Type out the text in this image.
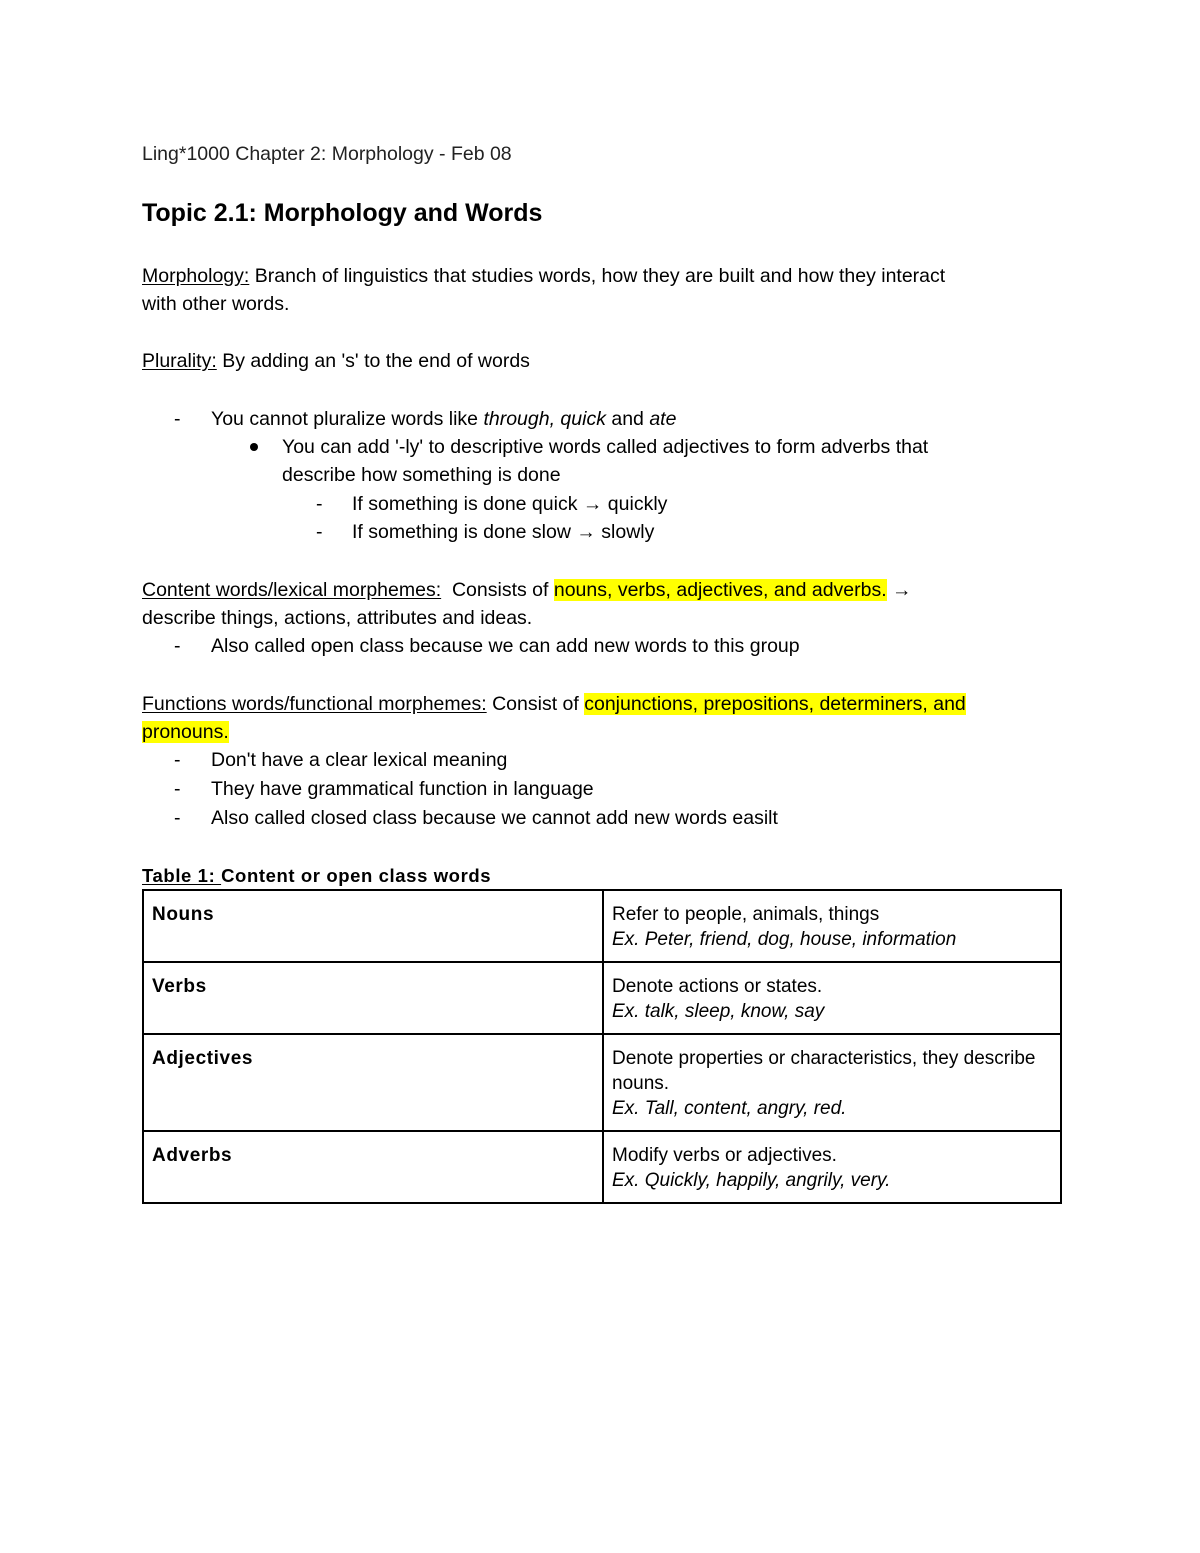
Ling*1000 Chapter 2: Morphology - Feb 08
Topic 2.1: Morphology and Words
Morphology: Branch of linguistics that studies words, how they are built and how they interact
with other words.
Plurality: By adding an 's' to the end of words
-	You cannot pluralize words like through, quick and ate
You can add '-ly' to descriptive words called adjectives to form adverbs that
describe how something is done
-	If something is done quick → quickly
-	If something is done slow → slowly
Content words/lexical morphemes:  Consists of nouns, verbs, adjectives, and adverbs. →
describe things, actions, attributes and ideas.
-	Also called open class because we can add new words to this group
Functions words/functional morphemes: Consist of conjunctions, prepositions, determiners, and
pronouns.
-	Don't have a clear lexical meaning
-	They have grammatical function in language
-	Also called closed class because we cannot add new words easilt
Table 1: Content or open class words
Nouns	Refer to people, animals, things
Ex. Peter, friend, dog, house, information

Verbs	Denote actions or states.
Ex. talk, sleep, know, say

Adjectives	Denote properties or characteristics, they describe nouns.
Ex. Tall, content, angry, red.

Adverbs	Modify verbs or adjectives.
Ex. Quickly, happily, angrily, very.
